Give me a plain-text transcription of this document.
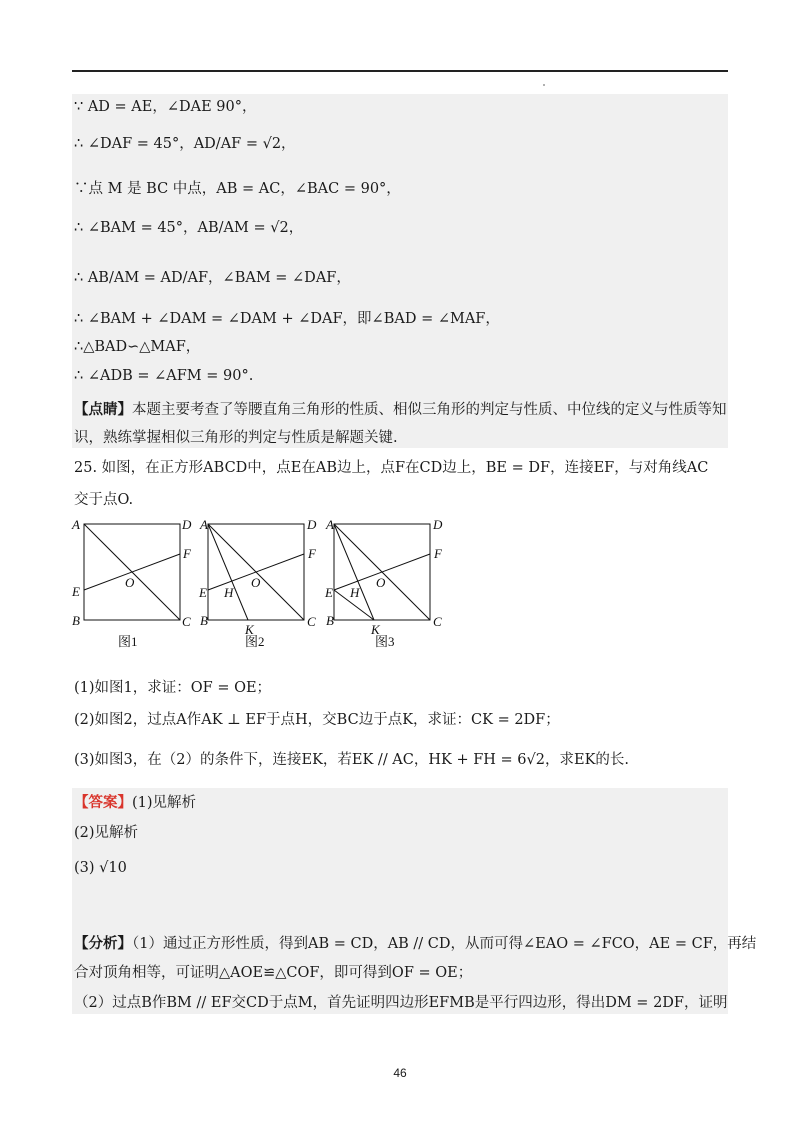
∵ AD = AE，∠DAE 90°，
∴ ∠DAF = 45°，AD/AF = √2，
∵点 M 是 BC 中点，AB = AC，∠BAC = 90°，
∴ ∠BAM = 45°，AB/AM = √2，
∴ AB/AM = AD/AF，∠BAM = ∠DAF，
∴ ∠BAM + ∠DAM = ∠DAM + ∠DAF，即∠BAD = ∠MAF，
∴△BAD∽△MAF，
∴ ∠ADB = ∠AFM = 90°.
【点睛】本题主要考查了等腰直角三角形的性质、相似三角形的判定与性质、中位线的定义与性质等知识，熟练掌握相似三角形的判定与性质是解题关键.
25. 如图，在正方形ABCD中，点E在AB边上，点F在CD边上，BE = DF，连接EF，与对角线AC
交于点O.
A	D
F
O
E
B	C
图1
A	D
F
O
E H
B
K
C
图2
A	D
F
O
E H
B
K
C
图3
(1)如图1，求证：OF = OE；
(2)如图2，过点A作AK ⊥ EF于点H，交BC边于点K，求证：CK = 2DF；
(3)如图3，在（2）的条件下，连接EK，若EK // AC，HK + FH = 6√2，求EK的长.
【答案】(1)见解析
(2)见解析
(3) √10
【分析】（1）通过正方形性质，得到AB = CD，AB // CD，从而可得∠EAO = ∠FCO，AE = CF，再结
合对顶角相等，可证明△AOE≌△COF，即可得到OF = OE；
（2）过点B作BM // EF交CD于点M，首先证明四边形EFMB是平行四边形，得出DM = 2DF，证明
46
